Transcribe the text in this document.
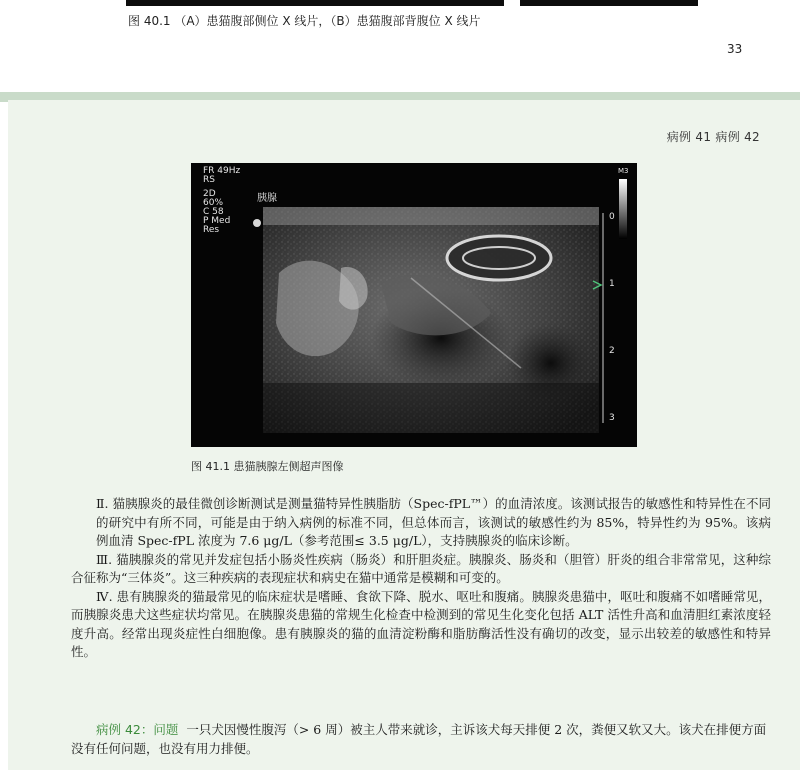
图 40.1 （A）患猫腹部侧位 X 线片，（B）患猫腹部背腹位 X 线片
33
病例 41 病例 42
FR 49Hz
RS
2D
60%
C 58
P Med
Res
胰腺
M3
0
1
2
3
图 41.1 患猫胰腺左侧超声图像

Ⅱ. 猫胰腺炎的最佳微创诊断测试是测量猫特异性胰脂肪（Spec-fPL™）的血清浓度。该测试报告的敏感性和特异性在不同的研究中有所不同，可能是由于纳入病例的标准不同，但总体而言，该测试的敏感性约为 85%，特异性约为 95%。该病例血清 Spec-fPL 浓度为 7.6 μg/L（参考范围≤ 3.5 μg/L），支持胰腺炎的临床诊断。

Ⅲ. 猫胰腺炎的常见并发症包括小肠炎性疾病（肠炎）和肝胆炎症。胰腺炎、肠炎和（胆管）肝炎的组合非常常见，这种综合征称为“三体炎”。这三种疾病的表现症状和病史在猫中通常是模糊和可变的。

Ⅳ. 患有胰腺炎的猫最常见的临床症状是嗜睡、食欲下降、脱水、呕吐和腹痛。胰腺炎患猫中，呕吐和腹痛不如嗜睡常见，而胰腺炎患犬这些症状均常见。在胰腺炎患猫的常规生化检查中检测到的常见生化变化包括 ALT 活性升高和血清胆红素浓度轻度升高。经常出现炎症性白细胞像。患有胰腺炎的猫的血清淀粉酶和脂肪酶活性没有确切的改变，显示出较差的敏感性和特异性。

病例 42：问题 一只犬因慢性腹泻（> 6 周）被主人带来就诊，主诉该犬每天排便 2 次，粪便又软又大。该犬在排便方面没有任何问题，也没有用力排便。
